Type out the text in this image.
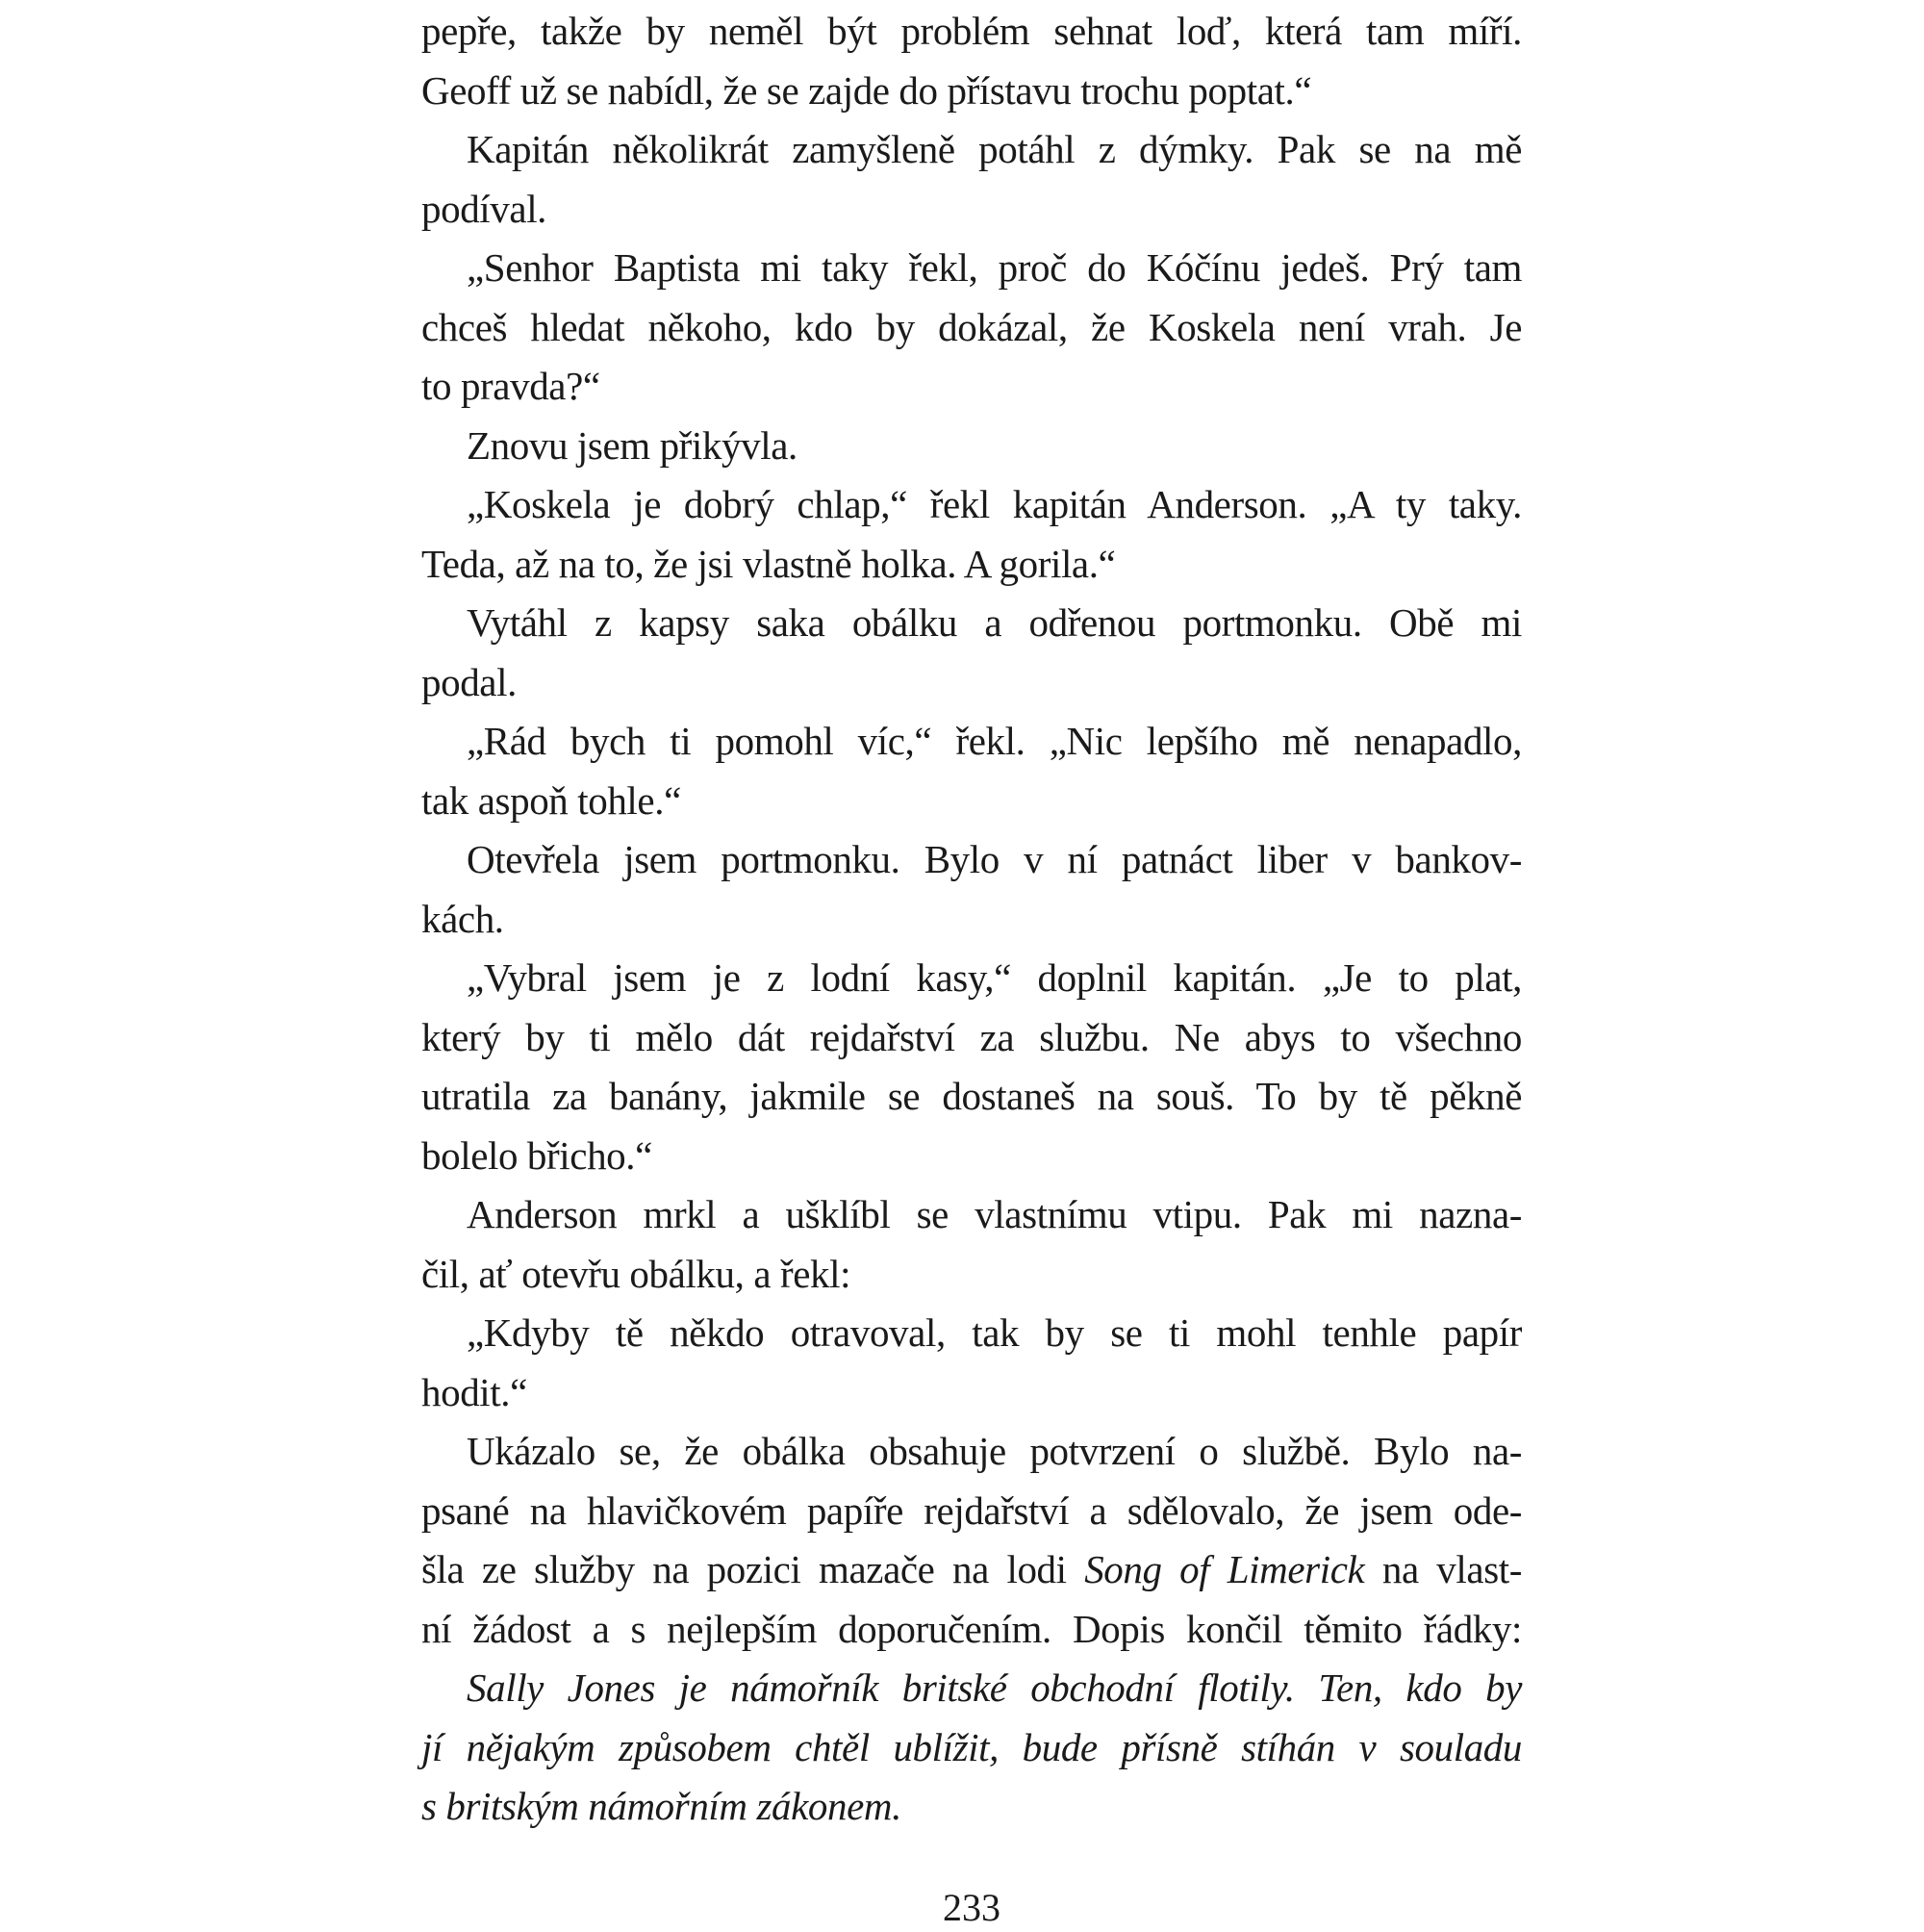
pepře, takže by neměl být problém sehnat loď, která tam míří.
Geoff už se nabídl, že se zajde do přístavu trochu poptat.“
Kapitán několikrát zamyšleně potáhl z dýmky. Pak se na mě
podíval.
„Senhor Baptista mi taky řekl, proč do Kóčínu jedeš. Prý tam
chceš hledat někoho, kdo by dokázal, že Koskela není vrah. Je
to pravda?“
Znovu jsem přikývla.
„Koskela je dobrý chlap,“ řekl kapitán Anderson. „A ty taky.
Teda, až na to, že jsi vlastně holka. A gorila.“
Vytáhl z kapsy saka obálku a odřenou portmonku. Obě mi
podal.
„Rád bych ti pomohl víc,“ řekl. „Nic lepšího mě nenapadlo,
tak aspoň tohle.“
Otevřela jsem portmonku. Bylo v ní patnáct liber v bankov-
kách.
„Vybral jsem je z lodní kasy,“ doplnil kapitán. „Je to plat,
který by ti mělo dát rejdařství za službu. Ne abys to všechno
utratila za banány, jakmile se dostaneš na souš. To by tě pěkně
bolelo břicho.“
Anderson mrkl a ušklíbl se vlastnímu vtipu. Pak mi nazna-
čil, ať otevřu obálku, a řekl:
„Kdyby tě někdo otravoval, tak by se ti mohl tenhle papír
hodit.“
Ukázalo se, že obálka obsahuje potvrzení o službě. Bylo na-
psané na hlavičkovém papíře rejdařství a sdělovalo, že jsem ode-
šla ze služby na pozici mazače na lodi Song of Limerick na vlast-
ní žádost a s nejlepším doporučením. Dopis končil těmito řádky:
Sally Jones je námořník britské obchodní flotily. Ten, kdo by
jí nějakým způsobem chtěl ublížit, bude přísně stíhán v souladu
s britským námořním zákonem.
233
